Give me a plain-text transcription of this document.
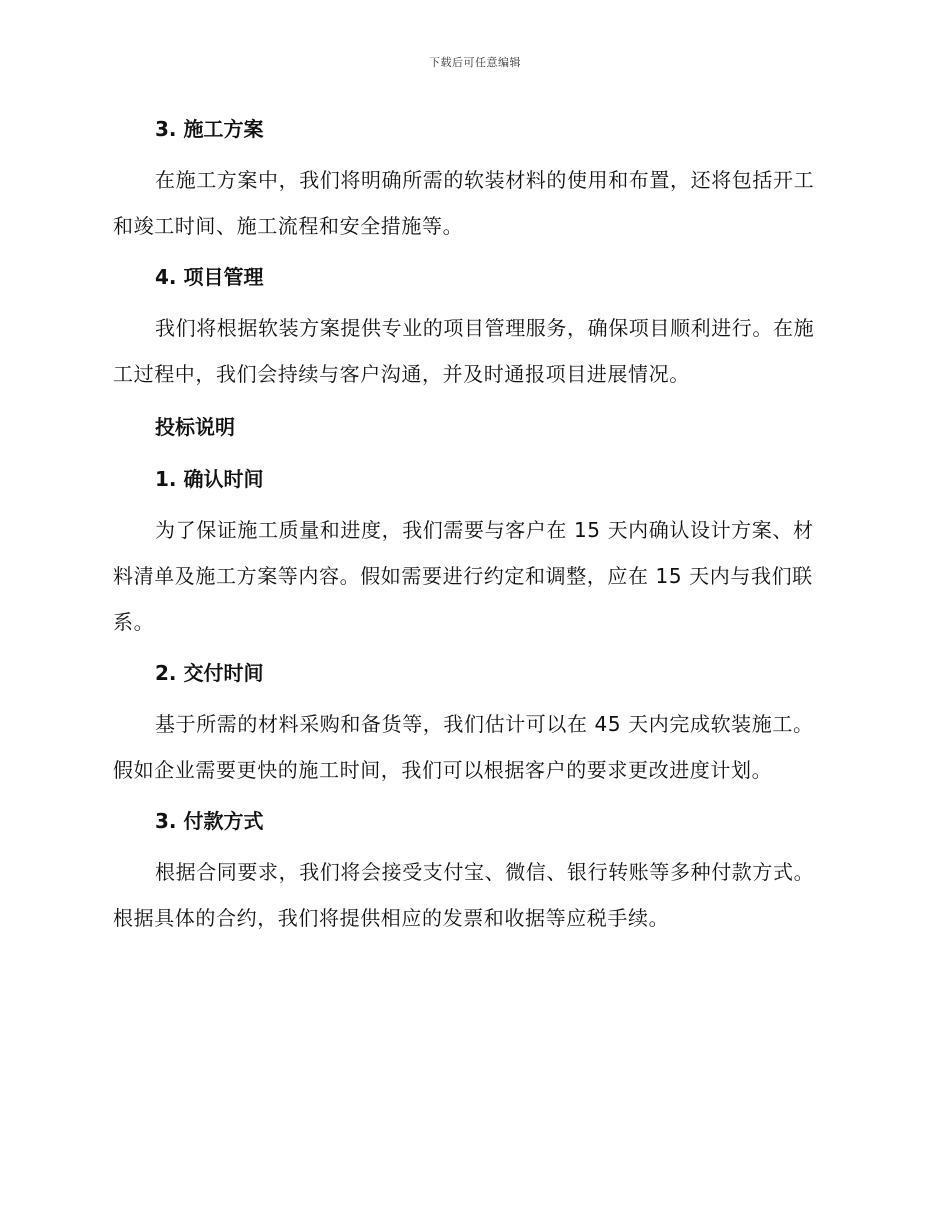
下载后可任意编辑
3. 施工方案

在施工方案中，我们将明确所需的软装材料的使用和布置，还将包括开工和竣工时间、施工流程和安全措施等。

4. 项目管理

我们将根据软装方案提供专业的项目管理服务，确保项目顺利进行。在施工过程中，我们会持续与客户沟通，并及时通报项目进展情况。

投标说明
1. 确认时间

为了保证施工质量和进度，我们需要与客户在 15 天内确认设计方案、材料清单及施工方案等内容。假如需要进行约定和调整，应在 15 天内与我们联系。

2. 交付时间

基于所需的材料采购和备货等，我们估计可以在 45 天内完成软装施工。假如企业需要更快的施工时间，我们可以根据客户的要求更改进度计划。

3. 付款方式

根据合同要求，我们将会接受支付宝、微信、银行转账等多种付款方式。根据具体的合约，我们将提供相应的发票和收据等应税手续。
